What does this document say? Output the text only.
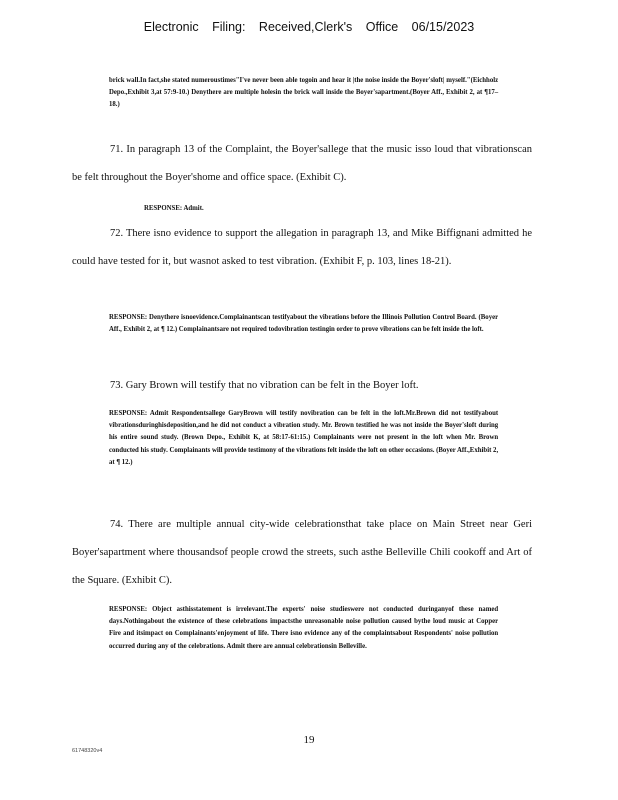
Electronic Filing: Received,Clerk's Office 06/15/2023
brick wall.In fact,she stated numeroustimes"I've never been able togoin and hear it |the noise inside the Boyer'sloft| myself."(Eichholz Depo.,Exhibit 3,at 57:9-10.) Denythere are multiple holesin the brick wall inside the Boyer'sapartment.(Boyer Aff., Exhibit 2, at ¶17–18.)
71. In paragraph 13 of the Complaint, the Boyer'sallege that the music isso loud that vibrationscan be felt throughout the Boyer'shome and office space. (Exhibit C).
RESPONSE: Admit.
72. There isno evidence to support the allegation in paragraph 13, and Mike Biffignani admitted he could have tested for it, but wasnot asked to test vibration. (Exhibit F, p. 103, lines 18-21).
RESPONSE: Denythere isnoevidence.Complainantscan testifyabout the vibrations before the Illinois Pollution Control Board. (Boyer Aff., Exhibit 2, at ¶ 12.) Complainantsare not required todovibration testingin order to prove vibrations can be felt inside the loft.
73. Gary Brown will testify that no vibration can be felt in the Boyer loft.
RESPONSE: Admit Respondentsallege GaryBrown will testify novibration can be felt in the loft.Mr.Brown did not testifyabout vibrationsduringhisdeposition,and he did not conduct a vibration study. Mr. Brown testified he was not inside the Boyer'sloft during his entire sound study. (Brown Depo., Exhibit K, at 58:17-61:15.) Complainants were not present in the loft when Mr. Brown conducted his study. Complainants will provide testimony of the vibrations felt inside the loft on other occasions. (Boyer Aff.,Exhibit 2, at ¶ 12.)
74. There are multiple annual city-wide celebrationsthat take place on Main Street near Geri Boyer'sapartment where thousandsof people crowd the streets, such asthe Belleville Chili cookoff and Art of the Square. (Exhibit C).
RESPONSE: Object asthisstatement is irrelevant.The experts' noise studieswere not conducted duringanyof these named days.Nothingabout the existence of these celebrations impactsthe unreasonable noise pollution caused bythe loud music at Copper Fire and itsimpact on Complainants'enjoyment of life. There isno evidence any of the complaintsabout Respondents' noise pollution occurred during any of the celebrations. Admit there are annual celebrationsin Belleville.
19
61748320v4
